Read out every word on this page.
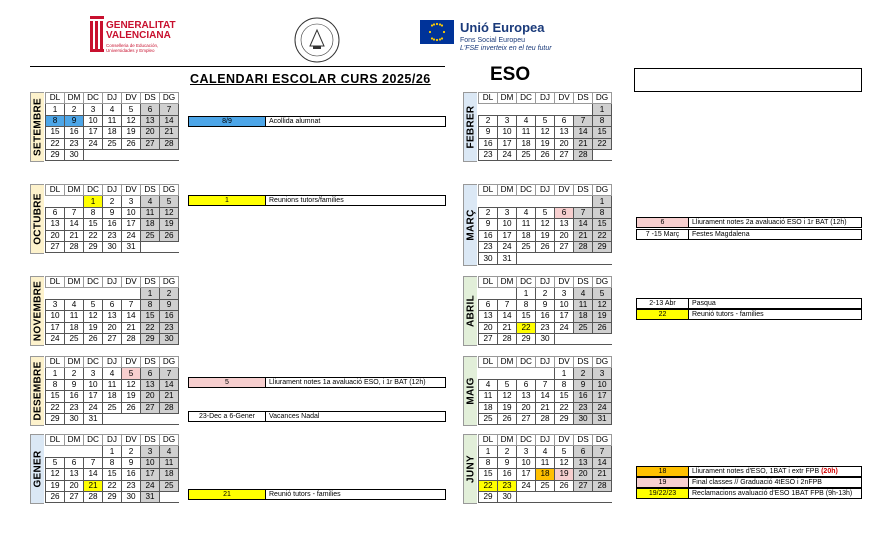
GENERALITAT
VALENCIANA
Conselleria de Educación,
Universidades y Empleo
Unió Europea
Fons Social Europeu
L'FSE inverteix en el teu futur
CALENDARI ESCOLAR CURS 2025/26	ESO
SETEMBRE
DL	DM	DC	DJ	DV	DS	DG
1	2	3	4	5	6	7
8	9	10	11	12	13	14
15	16	17	18	19	20	21
22	23	24	25	26	27	28
29	30					
OCTUBRE
DL	DM	DC	DJ	DV	DS	DG
		1	2	3	4	5
6	7	8	9	10	11	12
13	14	15	16	17	18	19
20	21	22	23	24	25	26
27	28	29	30	31		
NOVEMBRE DL	DM	DC	DJ	DV	DS	DG
					1	2
3	4	5	6	7	8	9
10	11	12	13	14	15	16
17	18	19	20	21	22	23
24	25	26	27	28	29	30
DESEMBRE DL	DM	DC	DJ	DV	DS	DG
1	2	3	4	5	6	7
8	9	10	11	12	13	14
15	16	17	18	19	20	21
22	23	24	25	26	27	28
29	30	31				
GENER
DL	DM	DC	DJ	DV	DS	DG
			1	2	3	4
5	6	7	8	9	10	11
12	13	14	15	16	17	18
19	20	21	22	23	24	25
26	27	28	29	30	31	
FEBRER
DL	DM	DC	DJ	DV	DS	DG
						1
2	3	4	5	6	7	8
9	10	11	12	13	14	15
16	17	18	19	20	21	22
23	24	25	26	27	28	
MARÇ
DL	DM	DC	DJ	DV	DS	DG
						1
2	3	4	5	6	7	8
9	10	11	12	13	14	15
16	17	18	19	20	21	22
23	24	25	26	27	28	29
30	31					
ABRIL
DL	DM	DC	DJ	DV	DS	DG
		1	2	3	4	5
6	7	8	9	10	11	12
13	14	15	16	17	18	19
20	21	22	23	24	25	26
27	28	29	30			
MAIG
DL	DM	DC	DJ	DV	DS	DG
				1	2	3
4	5	6	7	8	9	10
11	12	13	14	15	16	17
18	19	20	21	22	23	24
25	26	27	28	29	30	31
JUNY
DL	DM	DC	DJ	DV	DS	DG
1	2	3	4	5	6	7
8	9	10	11	12	13	14
15	16	17	18	19	20	21
22	23	24	25	26	27	28
29	30					
8/9	Acollida alumnat
1	Reunions tutors/families
5	Lliurament notes 1a avaluació ESO, i 1r BAT (12h)
23-Dec a 6-Gener	Vacances Nadal
21	Reunió tutors - families
6	Lliurament notes 2a avaluació ESO i 1r BAT (12h)
7 -15 Març	Festes Magdalena
2-13 Abr	Pasqua
22	Reunió tutors - families
18	Lliurament notes d'ESO, 1BAT i extr FPB (20h)
19	Final classes // Graduació 4tESO i 2nFPB
19/22/23	Reclamacions avaluació d'ESO 1BAT FPB (9h-13h)
